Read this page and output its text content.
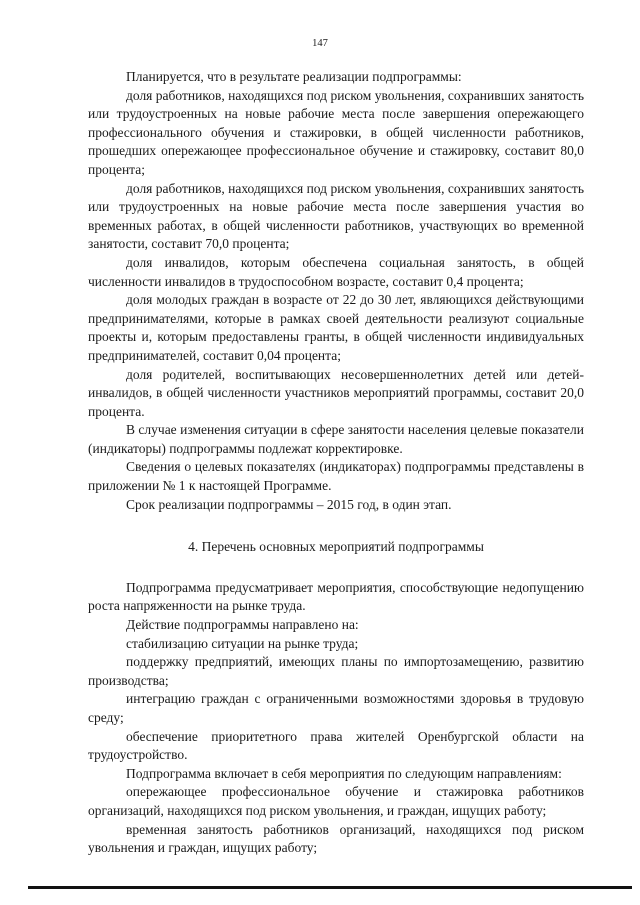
147

Планируется, что в результате реализации подпрограммы:

доля работников, находящихся под риском увольнения, сохранивших занятость или трудоустроенных на новые рабочие места после завершения опережающего профессионального обучения и стажировки, в общей численности работников, прошедших опережающее профессиональное обучение и стажировку, составит 80,0 процента;

доля работников, находящихся под риском увольнения, сохранивших занятость или трудоустроенных на новые рабочие места после завершения участия во временных работах, в общей численности работников, участвующих во временной занятости, составит 70,0 процента;

доля инвалидов, которым обеспечена социальная занятость, в общей численности инвалидов в трудоспособном возрасте, составит 0,4 процента;

доля молодых граждан в возрасте от 22 до 30 лет, являющихся действующими предпринимателями, которые в рамках своей деятельности реализуют социальные проекты и, которым предоставлены гранты, в общей численности индивидуальных предпринимателей, составит 0,04 процента;

доля родителей, воспитывающих несовершеннолетних детей или детей-инвалидов, в общей численности участников мероприятий программы, составит 20,0 процента.

В случае изменения ситуации в сфере занятости населения целевые показатели (индикаторы) подпрограммы подлежат корректировке.

Сведения о целевых показателях (индикаторах) подпрограммы представлены в приложении № 1 к настоящей Программе.

Срок реализации подпрограммы – 2015 год, в один этап.

4. Перечень основных мероприятий подпрограммы

Подпрограмма предусматривает мероприятия, способствующие недопущению роста напряженности на рынке труда.

Действие подпрограммы направлено на:

стабилизацию ситуации на рынке труда;

поддержку предприятий, имеющих планы по импортозамещению, развитию производства;

интеграцию граждан с ограниченными возможностями здоровья в трудовую среду;

обеспечение приоритетного права жителей Оренбургской области на трудоустройство.

Подпрограмма включает в себя мероприятия по следующим направлениям:

опережающее профессиональное обучение и стажировка работников организаций, находящихся под риском увольнения, и граждан, ищущих работу;

временная занятость работников организаций, находящихся под риском увольнения и граждан, ищущих работу;
